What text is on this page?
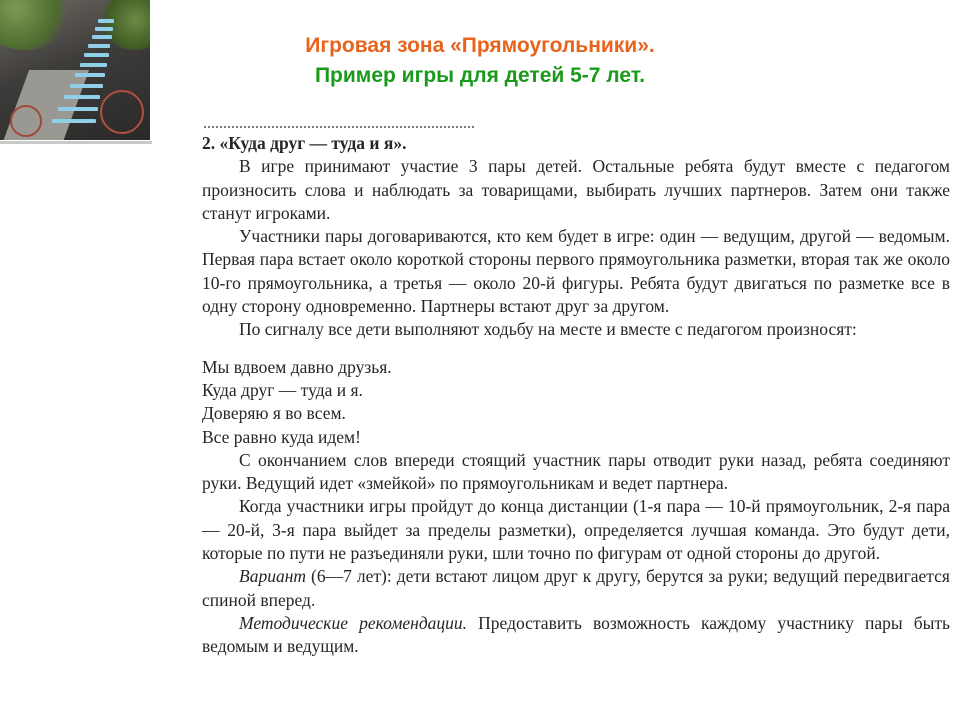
Игровая зона «Прямоугольники».
Пример игры для детей 5-7 лет.

2. «Куда друг — туда и я».

В игре принимают участие 3 пары детей. Остальные ребята будут вместе с педагогом произносить слова и наблюдать за товарищами, выбирать лучших партнеров. Затем они также станут игроками.

Участники пары договариваются, кто кем будет в игре: один — ведущим, другой — ведомым. Первая пара встает около короткой стороны первого прямоугольника разметки, вторая так же около 10-го прямоугольника, а третья — около 20-й фигуры. Ребята будут двигаться по разметке все в одну сторону одновременно. Партнеры встают друг за другом.

По сигналу все дети выполняют ходьбу на месте и вместе с педагогом произносят:

Мы вдвоем давно друзья.
Куда друг — туда и я.
Доверяю я во всем.
Все равно куда идем!

С окончанием слов впереди стоящий участник пары отводит руки назад, ребята соединяют руки. Ведущий идет «змейкой» по прямоугольникам и ведет партнера.

Когда участники игры пройдут до конца дистанции (1-я пара — 10-й прямоугольник, 2-я пара — 20-й, 3-я пара выйдет за пределы разметки), определяется лучшая команда. Это будут дети, которые по пути не разъединяли руки, шли точно по фигурам от одной стороны до другой.

Вариант (6—7 лет): дети встают лицом друг к другу, берутся за руки; ведущий передвигается спиной вперед.

Методические рекомендации. Предоставить возможность каждому участнику пары быть ведомым и ведущим.
